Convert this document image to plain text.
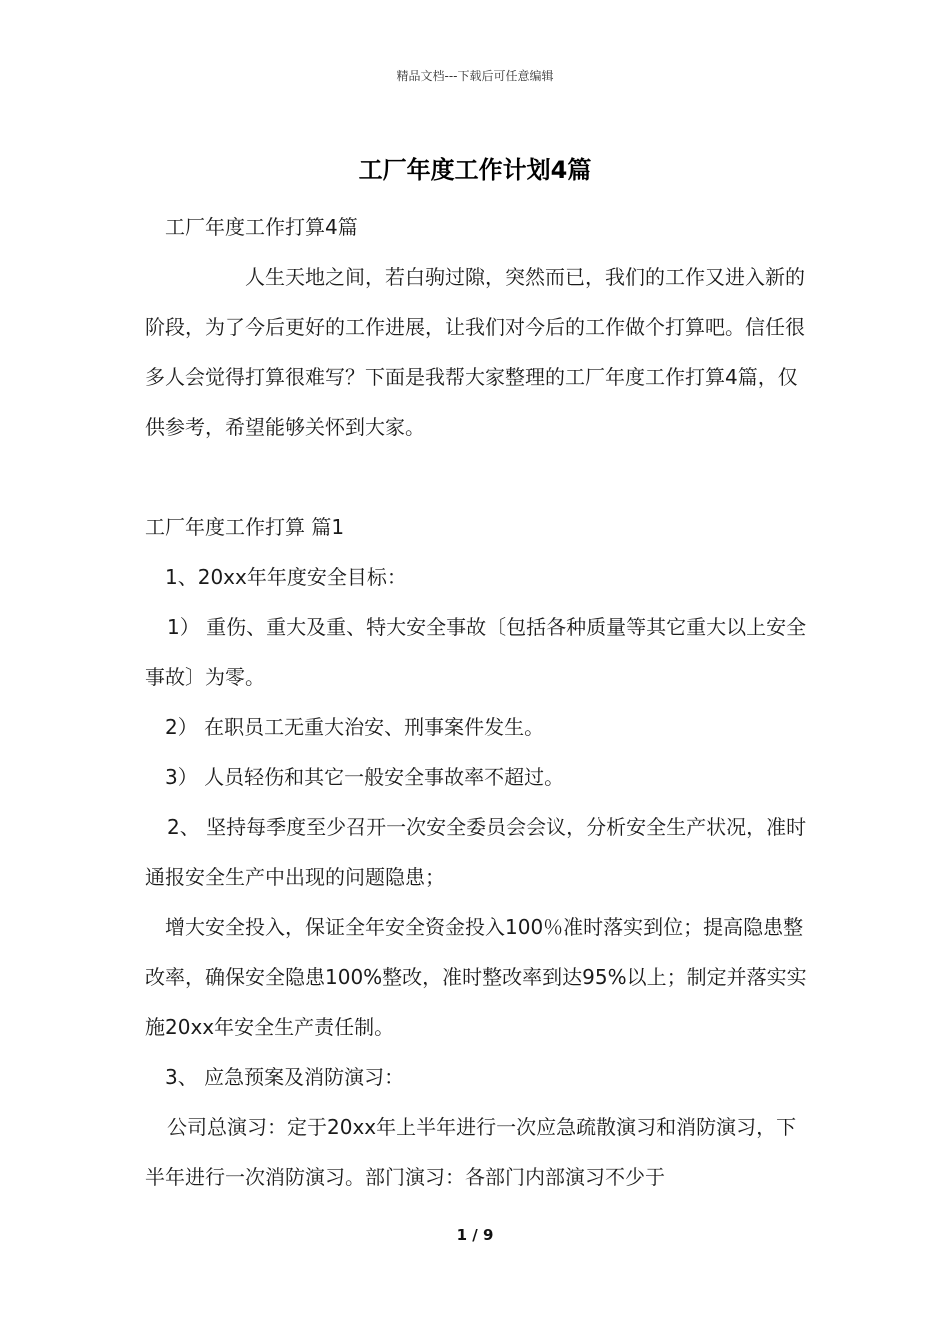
精品文档---下载后可任意编辑
工厂年度工作计划4篇

工厂年度工作打算4篇

人生天地之间，若白驹过隙，突然而已，我们的工作又进入新的阶段，为了今后更好的工作进展，让我们对今后的工作做个打算吧。信任很多人会觉得打算很难写？下面是我帮大家整理的工厂年度工作打算4篇，仅供参考，希望能够关怀到大家。

工厂年度工作打算 篇1

1、20xx年年度安全目标：

1） 重伤、重大及重、特大安全事故〔包括各种质量等其它重大以上安全事故〕为零。

2） 在职员工无重大治安、刑事案件发生。

3） 人员轻伤和其它一般安全事故率不超过。

2、 坚持每季度至少召开一次安全委员会会议，分析安全生产状况，准时通报安全生产中出现的问题隐患；

增大安全投入，保证全年安全资金投入100％准时落实到位；提高隐患整改率，确保安全隐患100%整改，准时整改率到达95%以上；制定并落实实施20xx年安全生产责任制。

3、 应急预案及消防演习：

公司总演习：定于20xx年上半年进行一次应急疏散演习和消防演习，下半年进行一次消防演习。部门演习：各部门内部演习不少于

1 / 9
